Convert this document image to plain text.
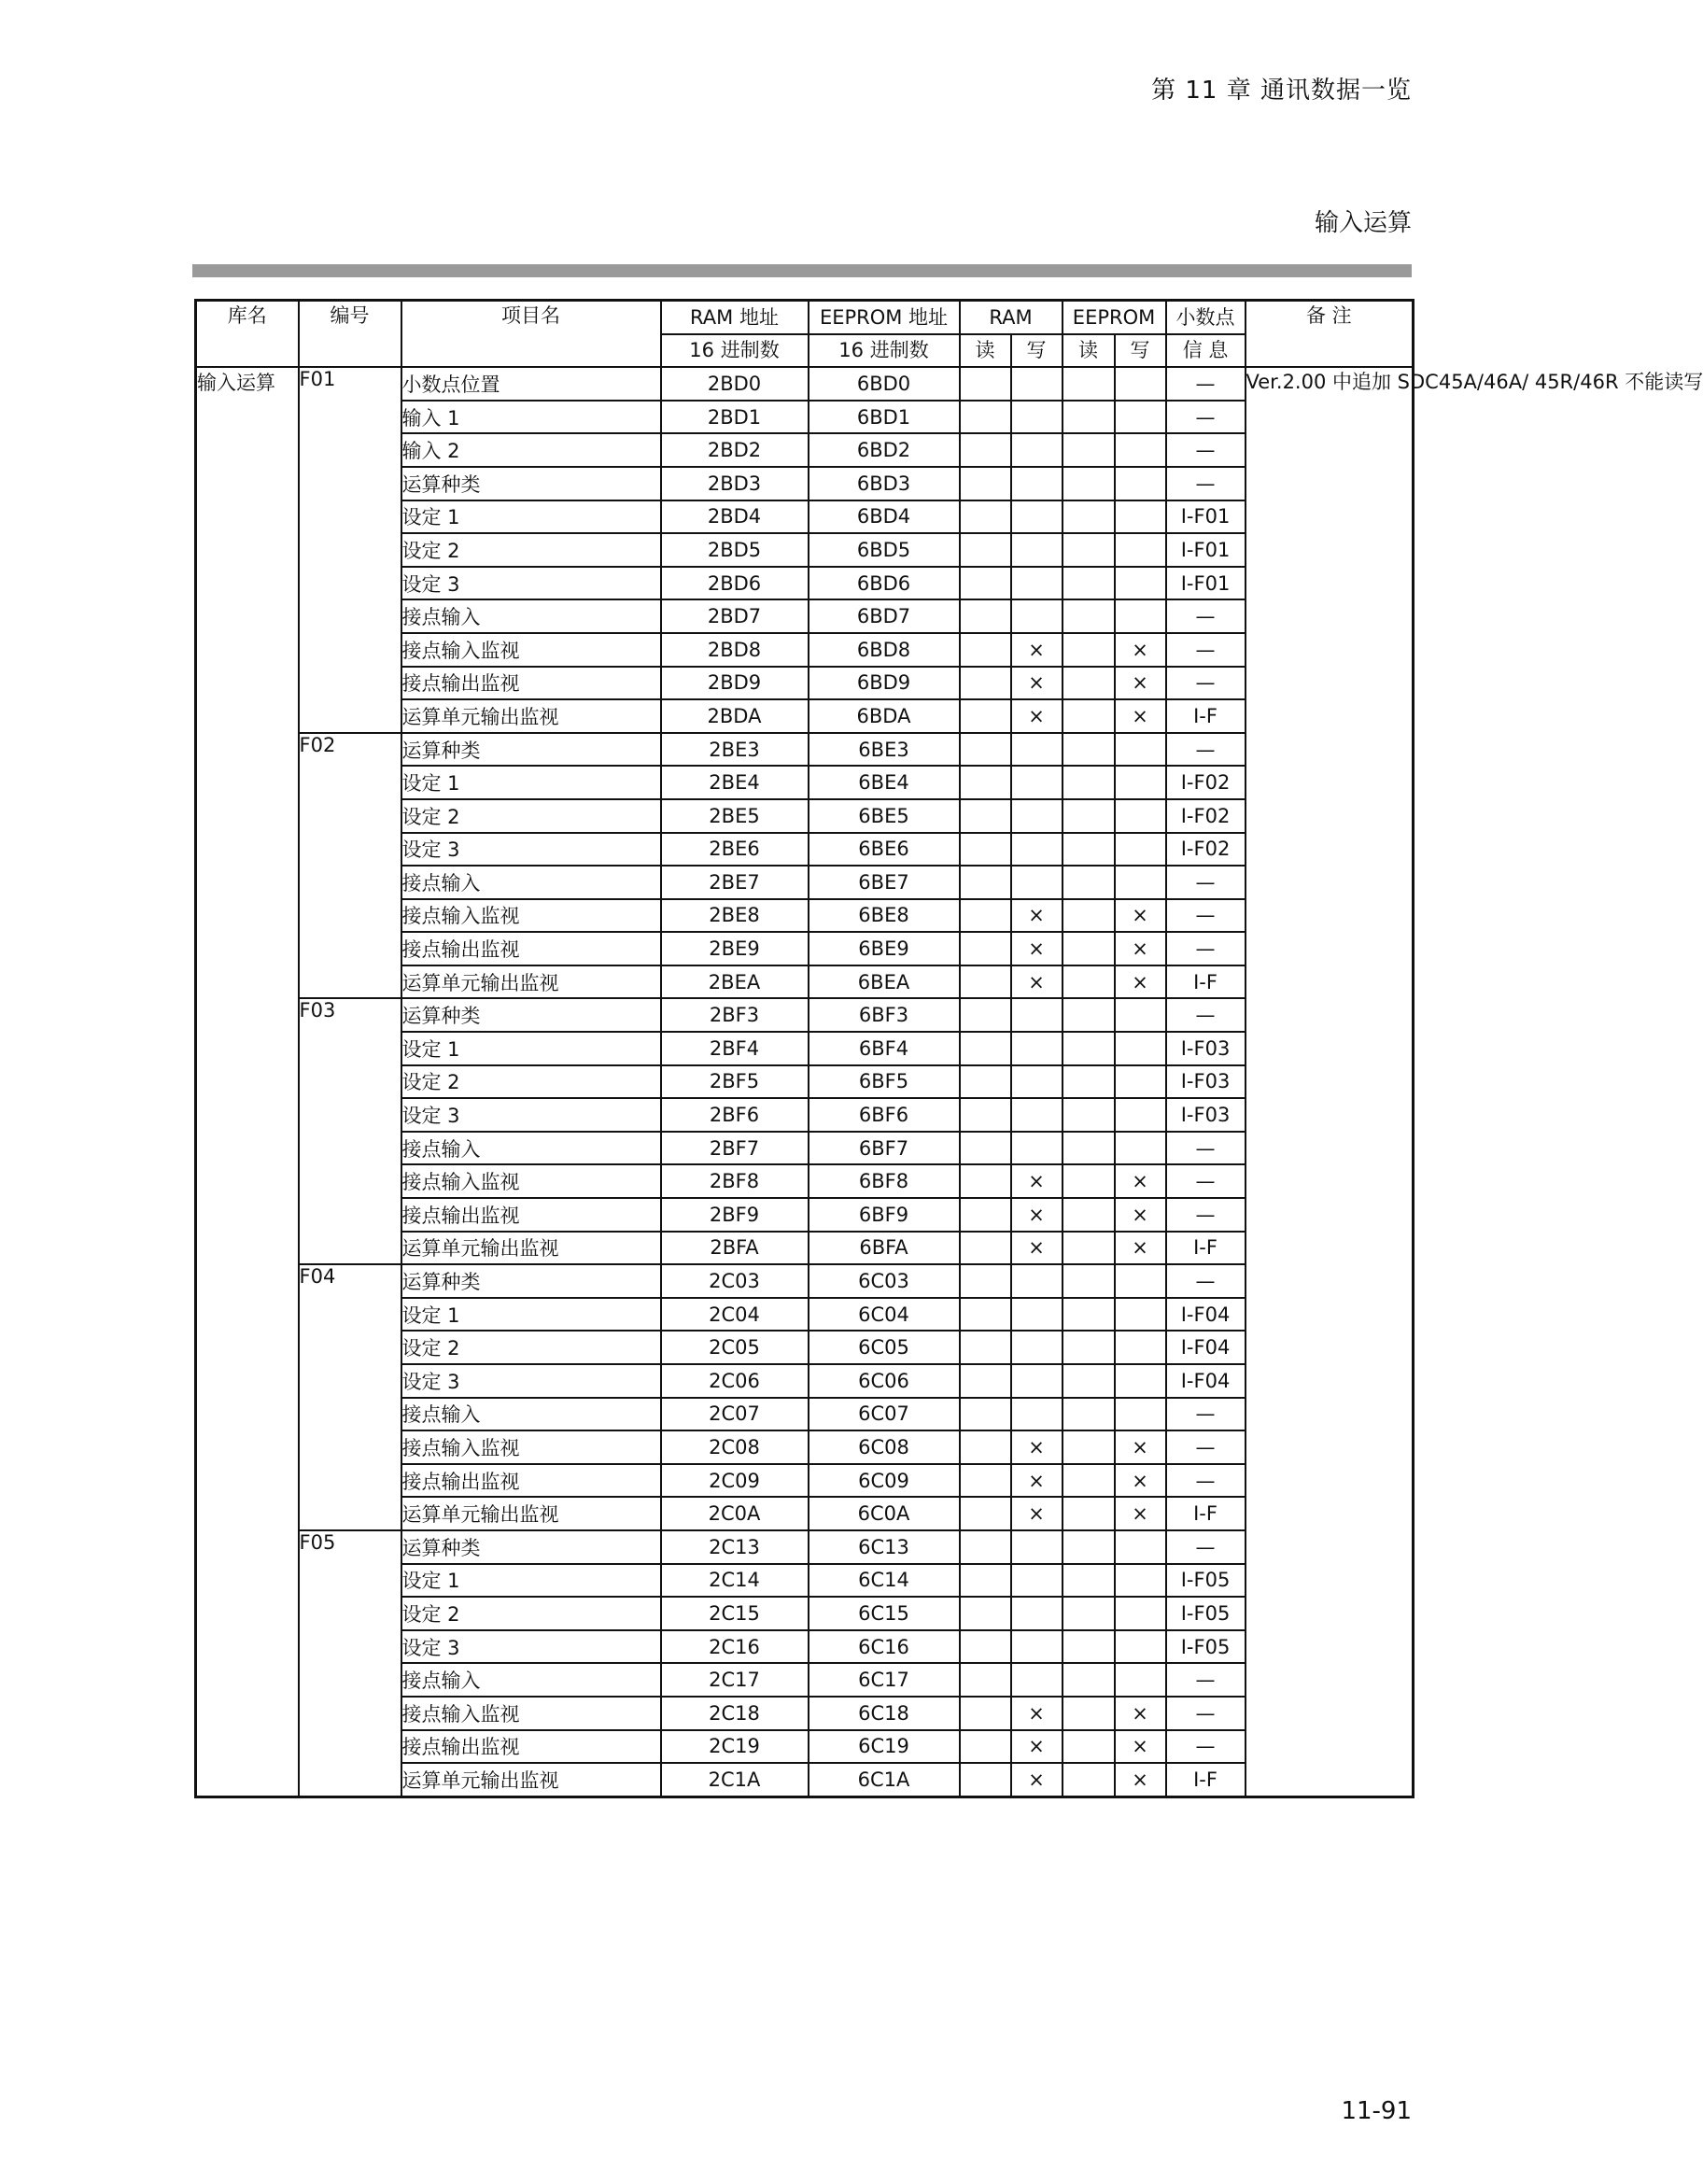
第 11 章 通讯数据一览
输入运算
库名	编号	项目名	RAM 地址	EEPROM 地址	RAM		EEPROM		小数点	备 注
			16 进制数	16 进制数	读	写	读	写	信 息	
输入运算	F01	小数点位置	2BD0	6BD0					—	Ver.2.00 中追加 SDC45A/46A/ 45R/46R 不能读写
		输入 1	2BD1	6BD1					—	
		输入 2	2BD2	6BD2					—	
		运算种类	2BD3	6BD3					—	
		设定 1	2BD4	6BD4					I-F01	
		设定 2	2BD5	6BD5					I-F01	
		设定 3	2BD6	6BD6					I-F01	
		接点输入	2BD7	6BD7					—	
		接点输入监视	2BD8	6BD8		×		×	—	
		接点输出监视	2BD9	6BD9		×		×	—	
		运算单元输出监视	2BDA	6BDA		×		×	I-F	
	F02	运算种类	2BE3	6BE3					—	
		设定 1	2BE4	6BE4					I-F02	
		设定 2	2BE5	6BE5					I-F02	
		设定 3	2BE6	6BE6					I-F02	
		接点输入	2BE7	6BE7					—	
		接点输入监视	2BE8	6BE8		×		×	—	
		接点输出监视	2BE9	6BE9		×		×	—	
		运算单元输出监视	2BEA	6BEA		×		×	I-F	
	F03	运算种类	2BF3	6BF3					—	
		设定 1	2BF4	6BF4					I-F03	
		设定 2	2BF5	6BF5					I-F03	
		设定 3	2BF6	6BF6					I-F03	
		接点输入	2BF7	6BF7					—	
		接点输入监视	2BF8	6BF8		×		×	—	
		接点输出监视	2BF9	6BF9		×		×	—	
		运算单元输出监视	2BFA	6BFA		×		×	I-F	
	F04	运算种类	2C03	6C03					—	
		设定 1	2C04	6C04					I-F04	
		设定 2	2C05	6C05					I-F04	
		设定 3	2C06	6C06					I-F04	
		接点输入	2C07	6C07					—	
		接点输入监视	2C08	6C08		×		×	—	
		接点输出监视	2C09	6C09		×		×	—	
		运算单元输出监视	2C0A	6C0A		×		×	I-F	
	F05	运算种类	2C13	6C13					—	
		设定 1	2C14	6C14					I-F05	
		设定 2	2C15	6C15					I-F05	
		设定 3	2C16	6C16					I-F05	
		接点输入	2C17	6C17					—	
		接点输入监视	2C18	6C18		×		×	—	
		接点输出监视	2C19	6C19		×		×	—	
		运算单元输出监视	2C1A	6C1A		×		×	I-F	
11-91
